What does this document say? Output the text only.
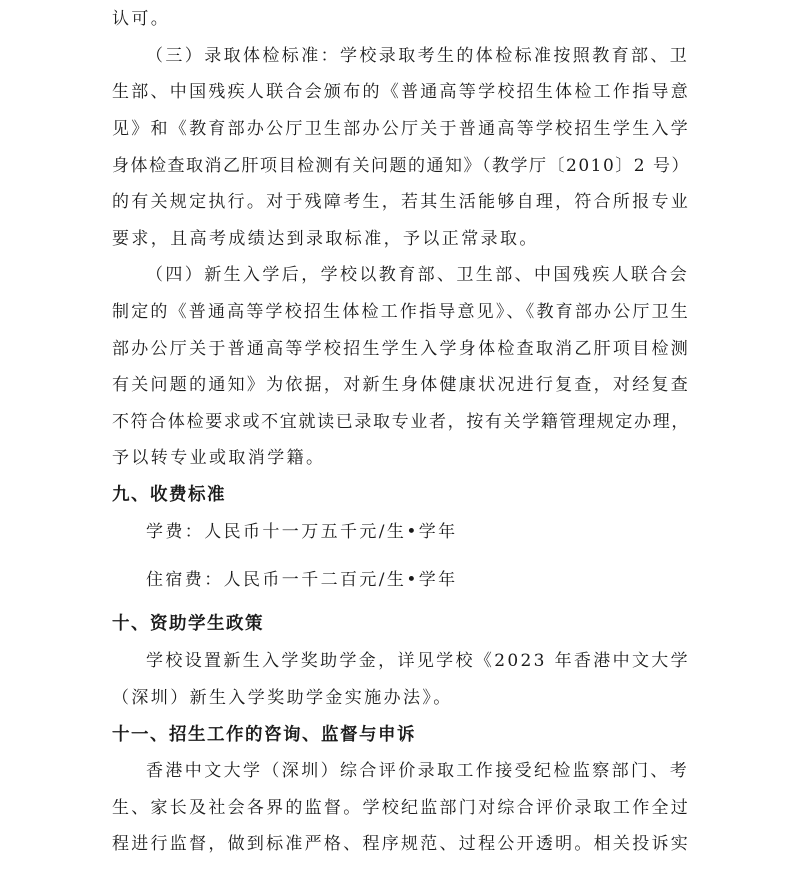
认可。
（三）录取体检标准：学校录取考生的体检标准按照教育部、卫
生部、中国残疾人联合会颁布的《普通高等学校招生体检工作指导意
见》和《教育部办公厅卫生部办公厅关于普通高等学校招生学生入学
身体检查取消乙肝项目检测有关问题的通知》（教学厅〔2010〕2 号）
的有关规定执行。对于残障考生，若其生活能够自理，符合所报专业
要求，且高考成绩达到录取标准，予以正常录取。
（四）新生入学后，学校以教育部、卫生部、中国残疾人联合会
制定的《普通高等学校招生体检工作指导意见》、《教育部办公厅卫生
部办公厅关于普通高等学校招生学生入学身体检查取消乙肝项目检测
有关问题的通知》为依据，对新生身体健康状况进行复查，对经复查
不符合体检要求或不宜就读已录取专业者，按有关学籍管理规定办理，
予以转专业或取消学籍。
九、收费标准
学费：人民币十一万五千元/生•学年
住宿费：人民币一千二百元/生•学年
十、资助学生政策
学校设置新生入学奖助学金，详见学校《2023 年香港中文大学
（深圳）新生入学奖助学金实施办法》。
十一、招生工作的咨询、监督与申诉
香港中文大学（深圳）综合评价录取工作接受纪检监察部门、考
生、家长及社会各界的监督。学校纪监部门对综合评价录取工作全过
程进行监督，做到标准严格、程序规范、过程公开透明。相关投诉实
